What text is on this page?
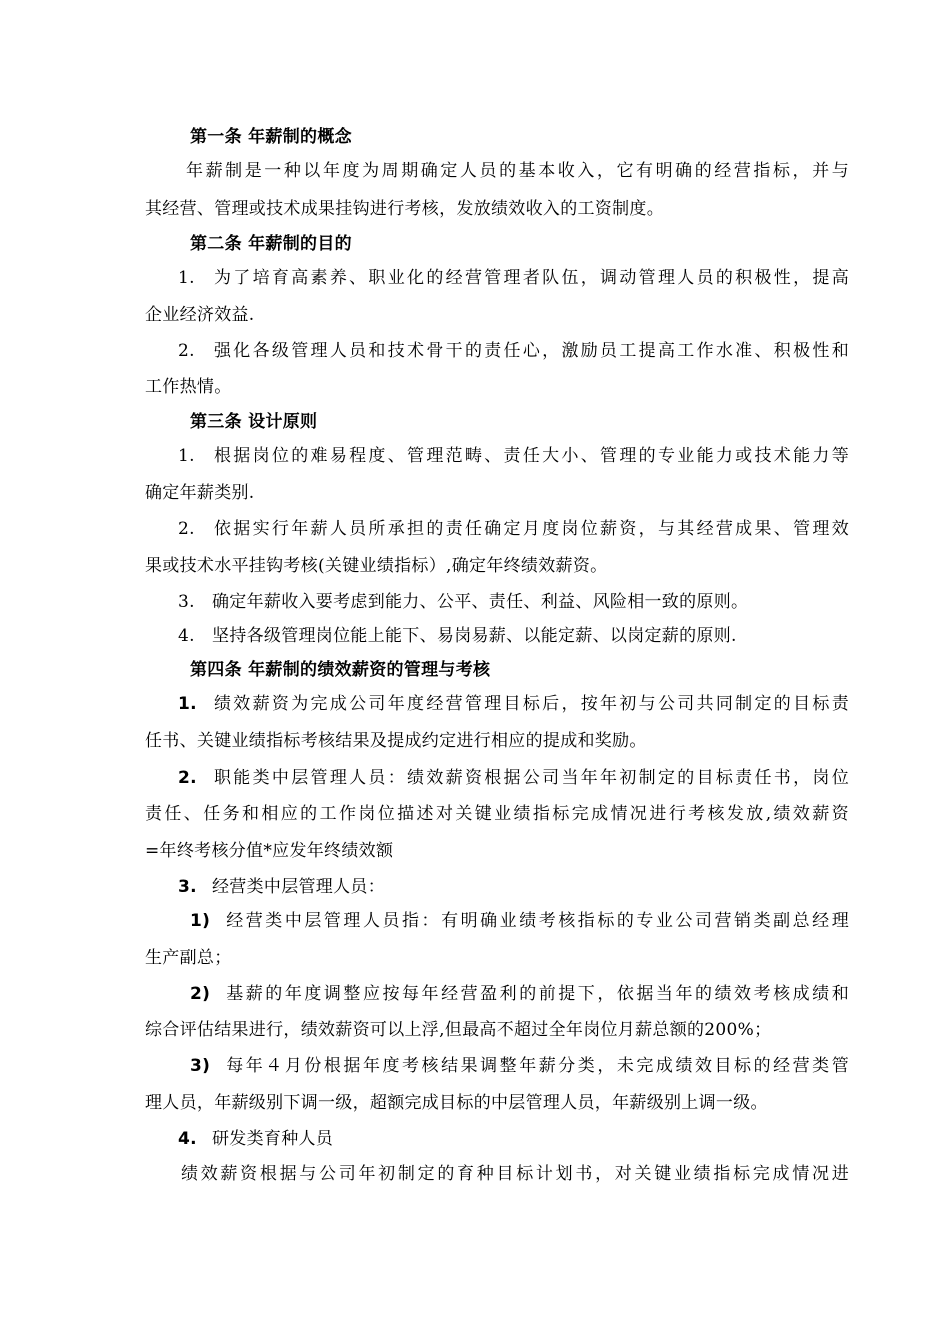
第一条 年薪制的概念
年薪制是一种以年度为周期确定人员的基本收入，它有明确的经营指标，并与
其经营、管理或技术成果挂钩进行考核，发放绩效收入的工资制度。
第二条 年薪制的目的
1. 为了培育高素养、职业化的经营管理者队伍，调动管理人员的积极性，提高
企业经济效益.
2. 强化各级管理人员和技术骨干的责任心，激励员工提高工作水准、积极性和
工作热情。
第三条 设计原则
1. 根据岗位的难易程度、管理范畴、责任大小、管理的专业能力或技术能力等
确定年薪类别.
2. 依据实行年薪人员所承担的责任确定月度岗位薪资，与其经营成果、管理效
果或技术水平挂钩考核(关键业绩指标）,确定年终绩效薪资。
3. 确定年薪收入要考虑到能力、公平、责任、利益、风险相一致的原则。
4. 坚持各级管理岗位能上能下、易岗易薪、以能定薪、以岗定薪的原则.
第四条 年薪制的绩效薪资的管理与考核
1. 绩效薪资为完成公司年度经营管理目标后，按年初与公司共同制定的目标责
任书、关键业绩指标考核结果及提成约定进行相应的提成和奖励。
2. 职能类中层管理人员：绩效薪资根据公司当年年初制定的目标责任书，岗位
责任、任务和相应的工作岗位描述对关键业绩指标完成情况进行考核发放,绩效薪资
=年终考核分值*应发年终绩效额
3. 经营类中层管理人员：
1) 经营类中层管理人员指：有明确业绩考核指标的专业公司营销类副总经理
生产副总；
2) 基薪的年度调整应按每年经营盈利的前提下，依据当年的绩效考核成绩和
综合评估结果进行，绩效薪资可以上浮,但最高不超过全年岗位月薪总额的200%；
3) 每年４月份根据年度考核结果调整年薪分类，未完成绩效目标的经营类管
理人员，年薪级别下调一级，超额完成目标的中层管理人员，年薪级别上调一级。
4. 研发类育种人员
绩效薪资根据与公司年初制定的育种目标计划书，对关键业绩指标完成情况进
